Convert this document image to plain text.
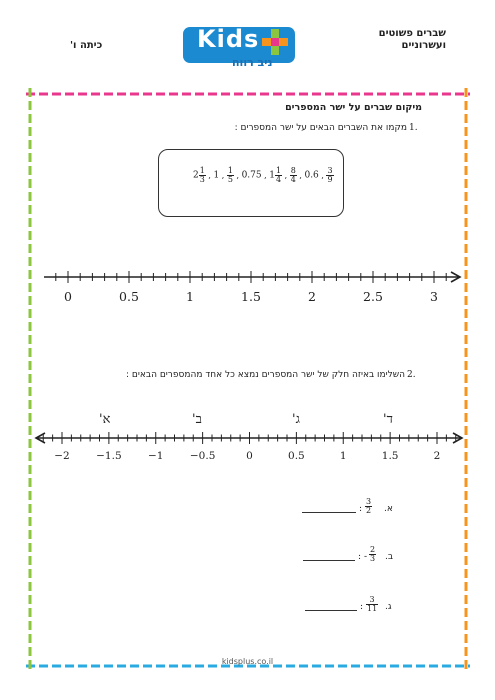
שברים פשוטים
ועשרוניים
כיתה ו'	Kids
ניב רווח
מיקום שברים על ישר המספרים
מקמו את השברים הבאים על ישר המספרים : 1.
$2 \frac{1}{3}$ , 1 , $\frac{1}{5}$ , 0.75 , $1 \frac{1}{4}$ , $\frac{8}{4}$ , 0.6 , $\frac{3}{9}$
0	0.5	1	1.5	2	2.5	3
השלימו באיזה חלק של ישר המספרים נמצא כל אחד מהמספרים הבאים : 2.
א'	ב'	ג'	ד'
−2	−1.5	−1	−0.5	0	0.5	1	1.5	2
: $\frac{3}{2}$ א.
: - $\frac{2}{3}$ ב.
: $\frac{3}{11}$ ג.
kidsplus.co.il
